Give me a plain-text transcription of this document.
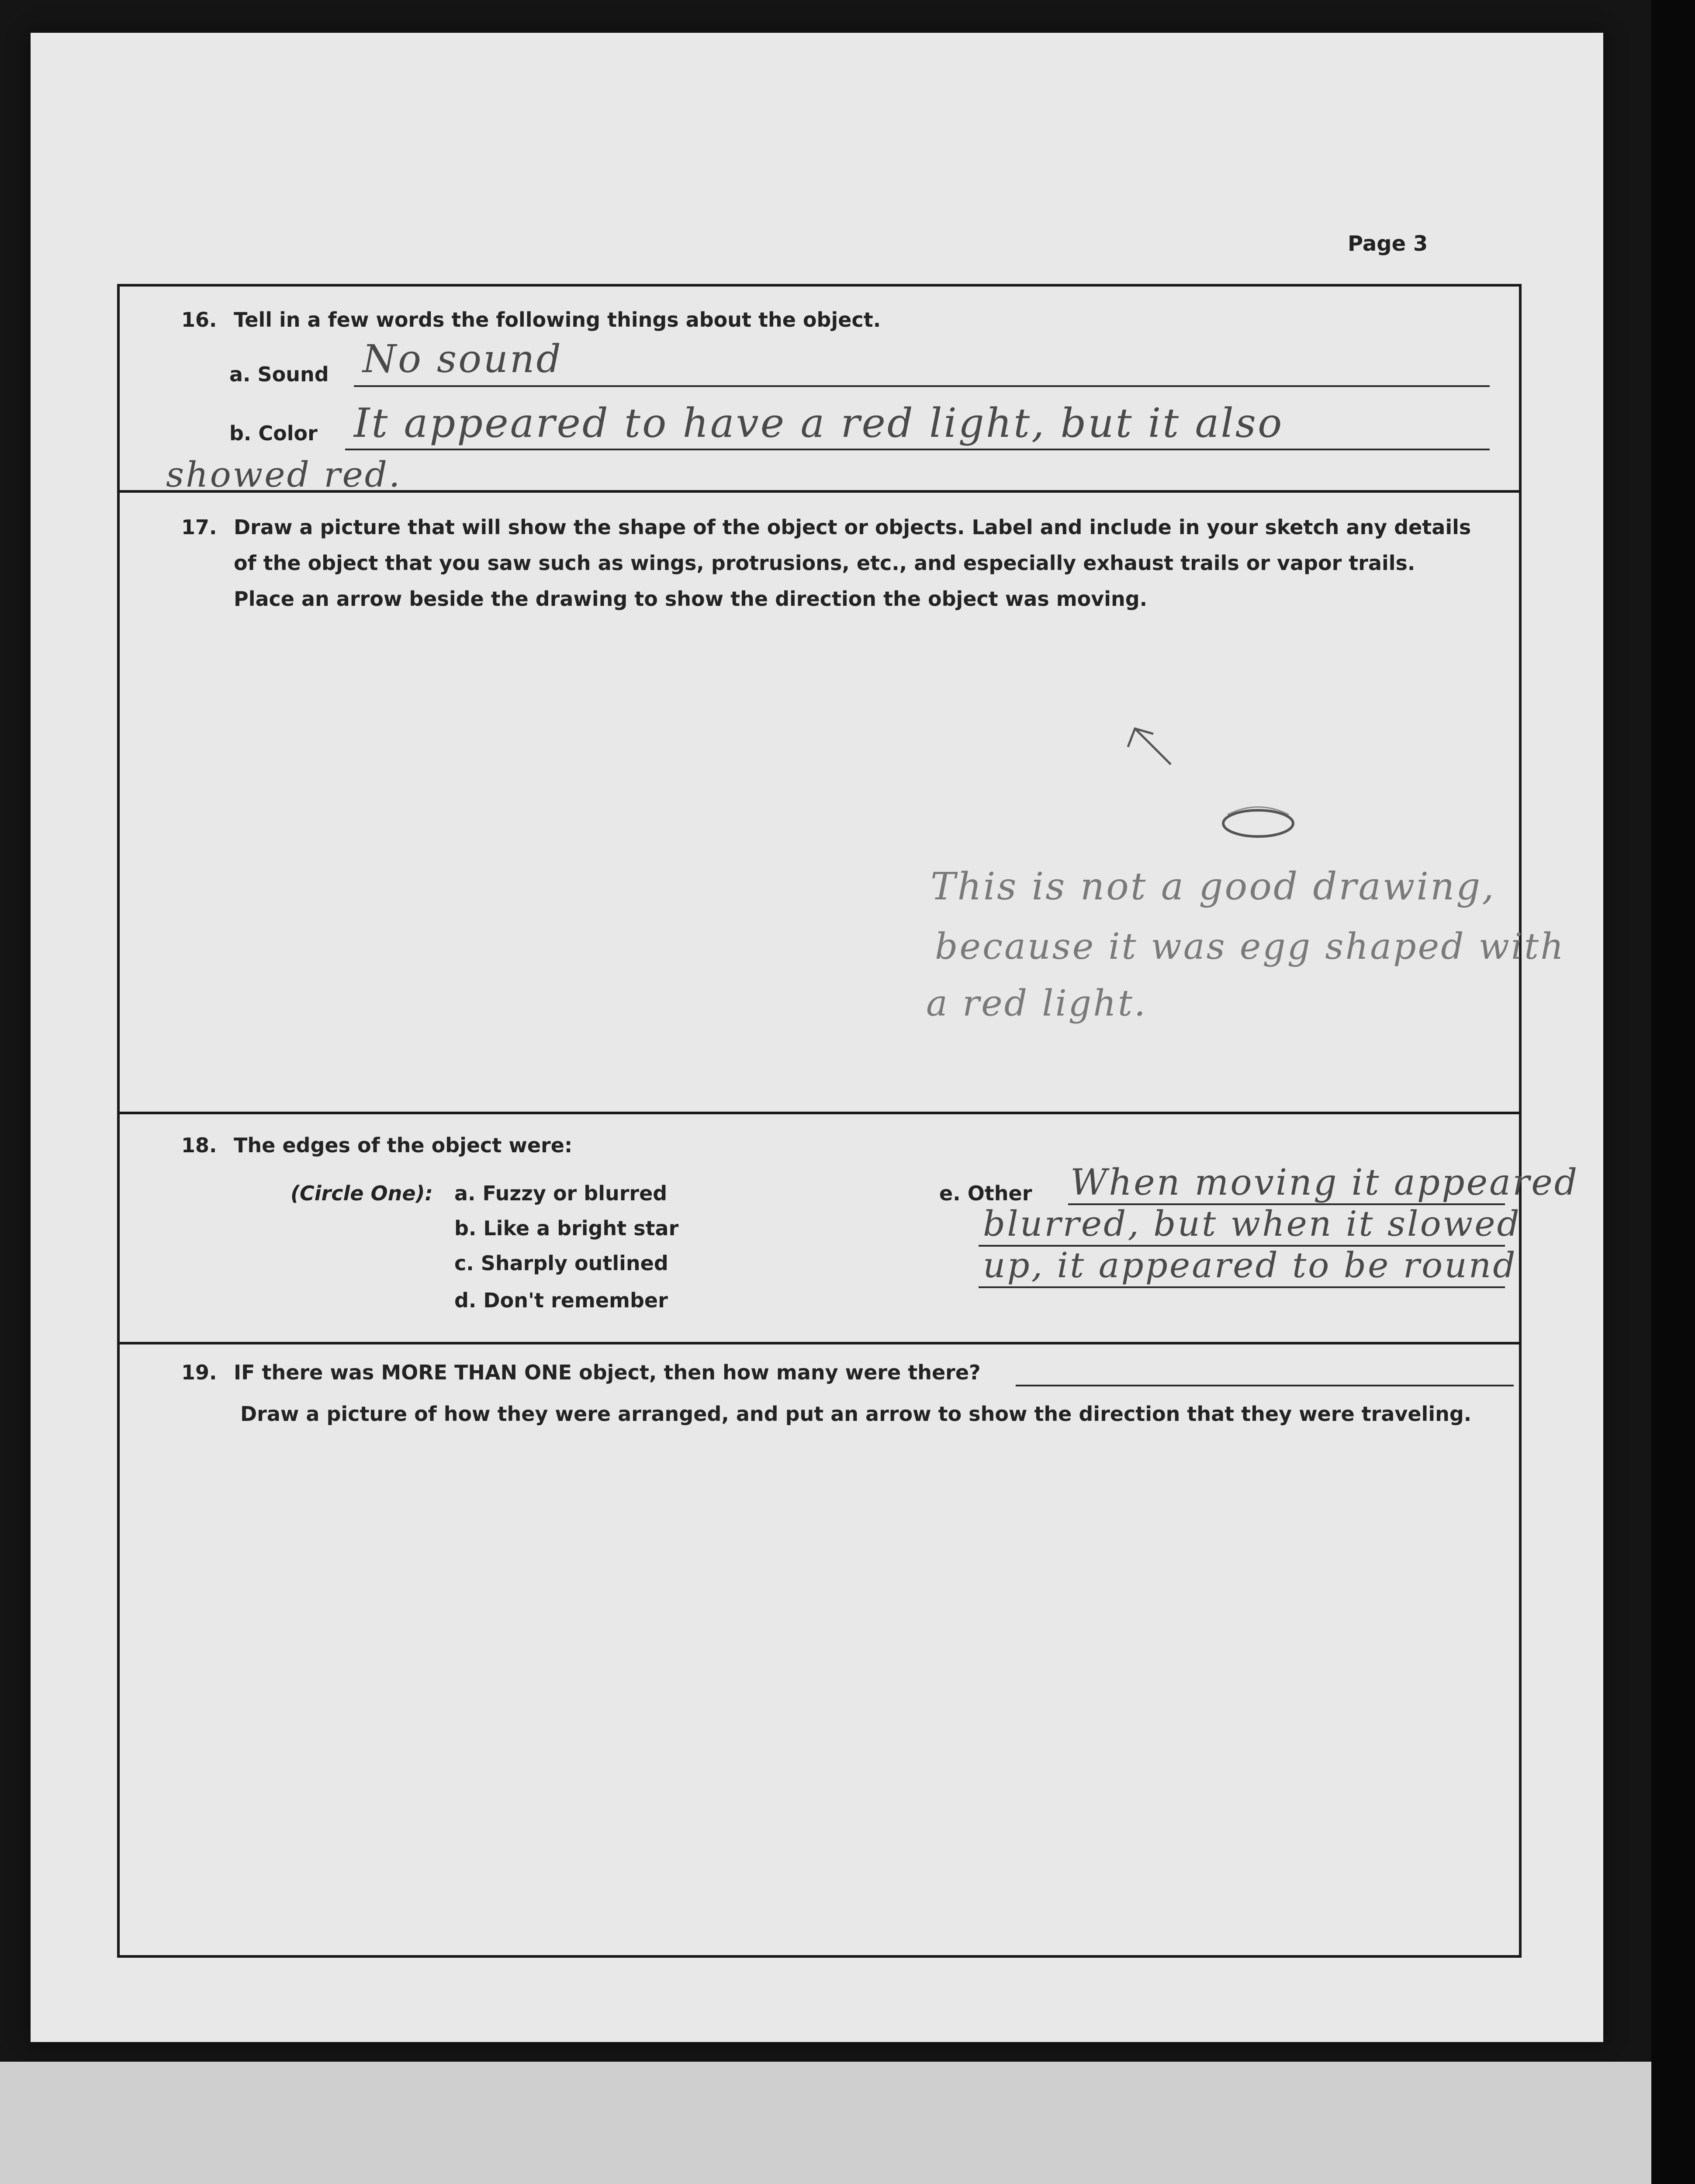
Page 3
16. Tell in a few words the following things about the object.
a. Sound No sound
b. Color It appeared to have a red light, but it also
showed red.
17. Draw a picture that will show the shape of the object or objects. Label and include in your sketch any details
of the object that you saw such as wings, protrusions, etc., and especially exhaust trails or vapor trails.
Place an arrow beside the drawing to show the direction the object was moving.
This is not a good drawing,
because it was egg shaped with
a red light.
18. The edges of the object were:
(Circle One): a. Fuzzy or blurred
b. Like a bright star
c. Sharply outlined
d. Don't remember
e. Other When moving it appeared
blurred, but when it slowed
up, it appeared to be round
19. IF there was MORE THAN ONE object, then how many were there?
Draw a picture of how they were arranged, and put an arrow to show the direction that they were traveling.
